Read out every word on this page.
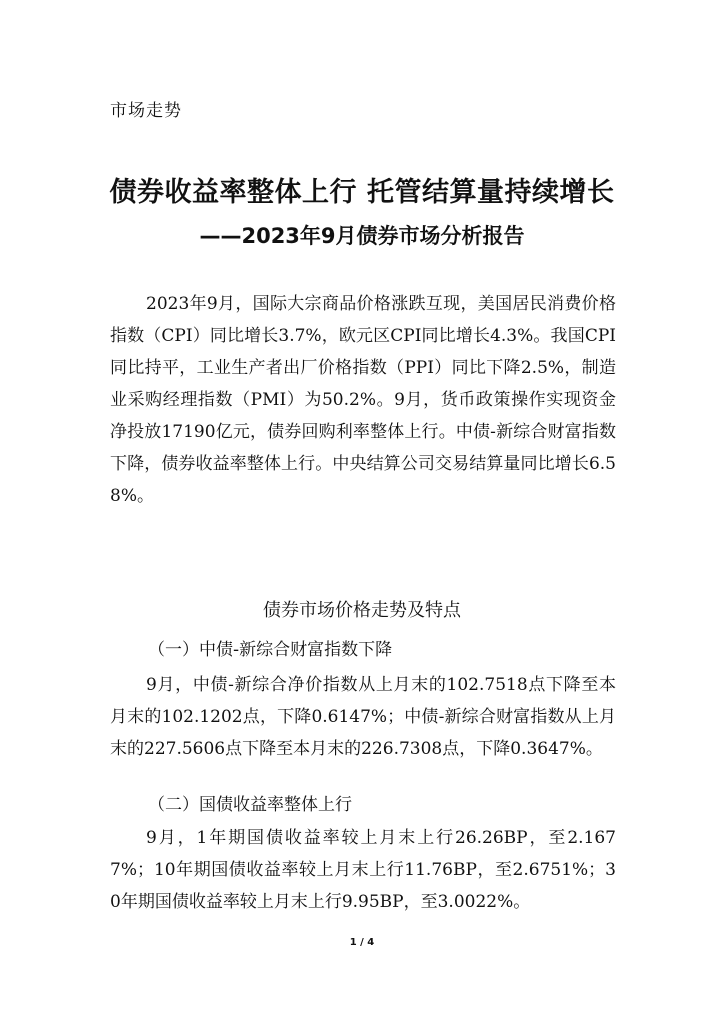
市场走势
债券收益率整体上行 托管结算量持续增长
——2023年9月债券市场分析报告
2023年9月，国际大宗商品价格涨跌互现，美国居民消费价格指数（CPI）同比增长3.7%，欧元区CPI同比增长4.3%。我国CPI同比持平，工业生产者出厂价格指数（PPI）同比下降2.5%，制造业采购经理指数（PMI）为50.2%。9月，货币政策操作实现资金净投放17190亿元，债券回购利率整体上行。中债-新综合财富指数下降，债券收益率整体上行。中央结算公司交易结算量同比增长6.58%。
债券市场价格走势及特点
（一）中债-新综合财富指数下降
9月，中债-新综合净价指数从上月末的102.7518点下降至本月末的102.1202点，下降0.6147%；中债-新综合财富指数从上月末的227.5606点下降至本月末的226.7308点，下降0.3647%。
（二）国债收益率整体上行
9月，1年期国债收益率较上月末上行26.26BP，至2.1677%；10年期国债收益率较上月末上行11.76BP，至2.6751%；30年期国债收益率较上月末上行9.95BP，至3.0022%。
1 / 4
